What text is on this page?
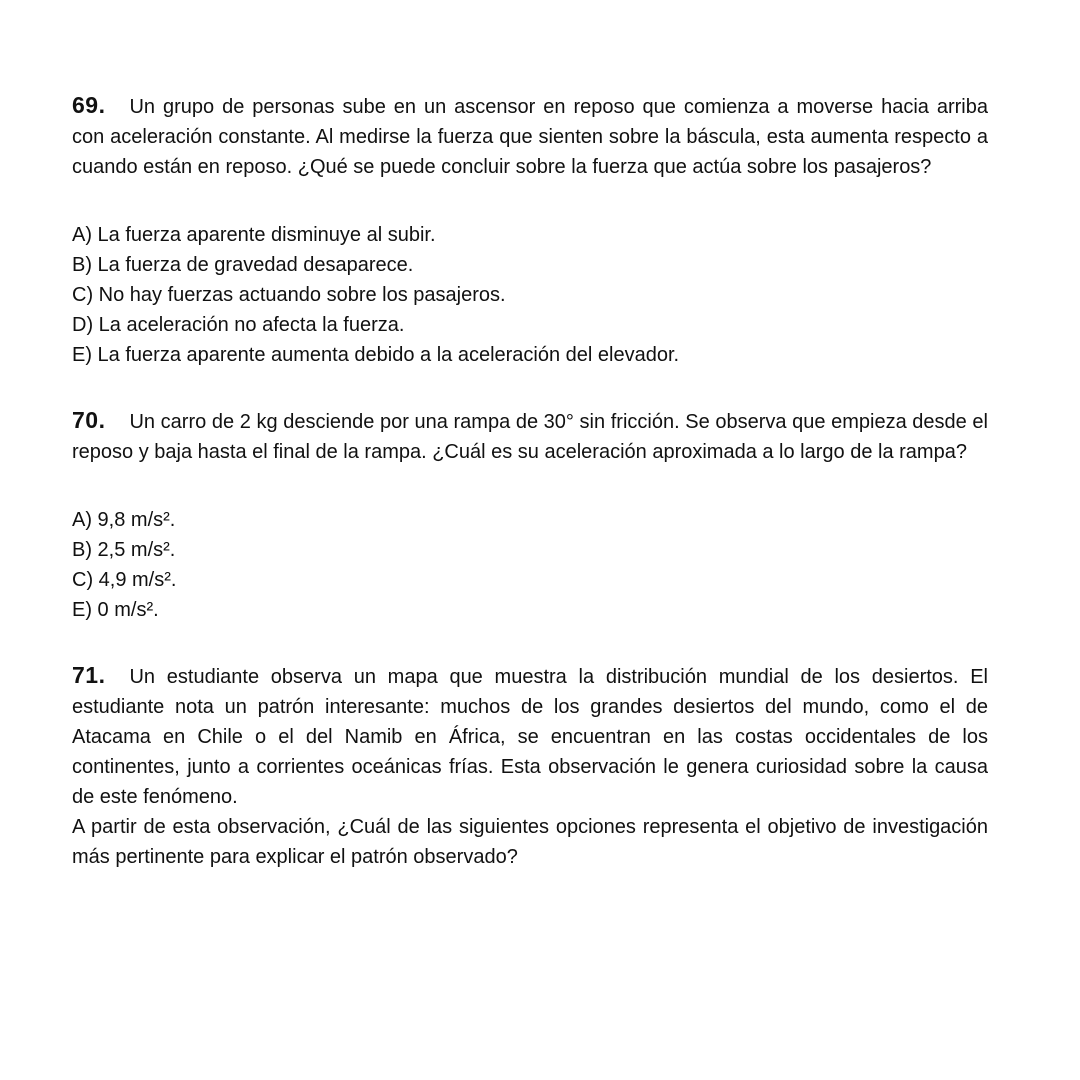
69. Un grupo de personas sube en un ascensor en reposo que comienza a moverse hacia arriba con aceleración constante. Al medirse la fuerza que sienten sobre la báscula, esta aumenta respecto a cuando están en reposo. ¿Qué se puede concluir sobre la fuerza que actúa sobre los pasajeros?
A) La fuerza aparente disminuye al subir.
B) La fuerza de gravedad desaparece.
C) No hay fuerzas actuando sobre los pasajeros.
D) La aceleración no afecta la fuerza.
E) La fuerza aparente aumenta debido a la aceleración del elevador.
70. Un carro de 2 kg desciende por una rampa de 30° sin fricción. Se observa que empieza desde el reposo y baja hasta el final de la rampa. ¿Cuál es su aceleración aproximada a lo largo de la rampa?
A) 9,8 m/s².
B) 2,5 m/s².
C) 4,9 m/s².
E) 0 m/s².
71. Un estudiante observa un mapa que muestra la distribución mundial de los desiertos. El estudiante nota un patrón interesante: muchos de los grandes desiertos del mundo, como el de Atacama en Chile o el del Namib en África, se encuentran en las costas occidentales de los continentes, junto a corrientes oceánicas frías. Esta observación le genera curiosidad sobre la causa de este fenómeno.
A partir de esta observación, ¿Cuál de las siguientes opciones representa el objetivo de investigación más pertinente para explicar el patrón observado?
